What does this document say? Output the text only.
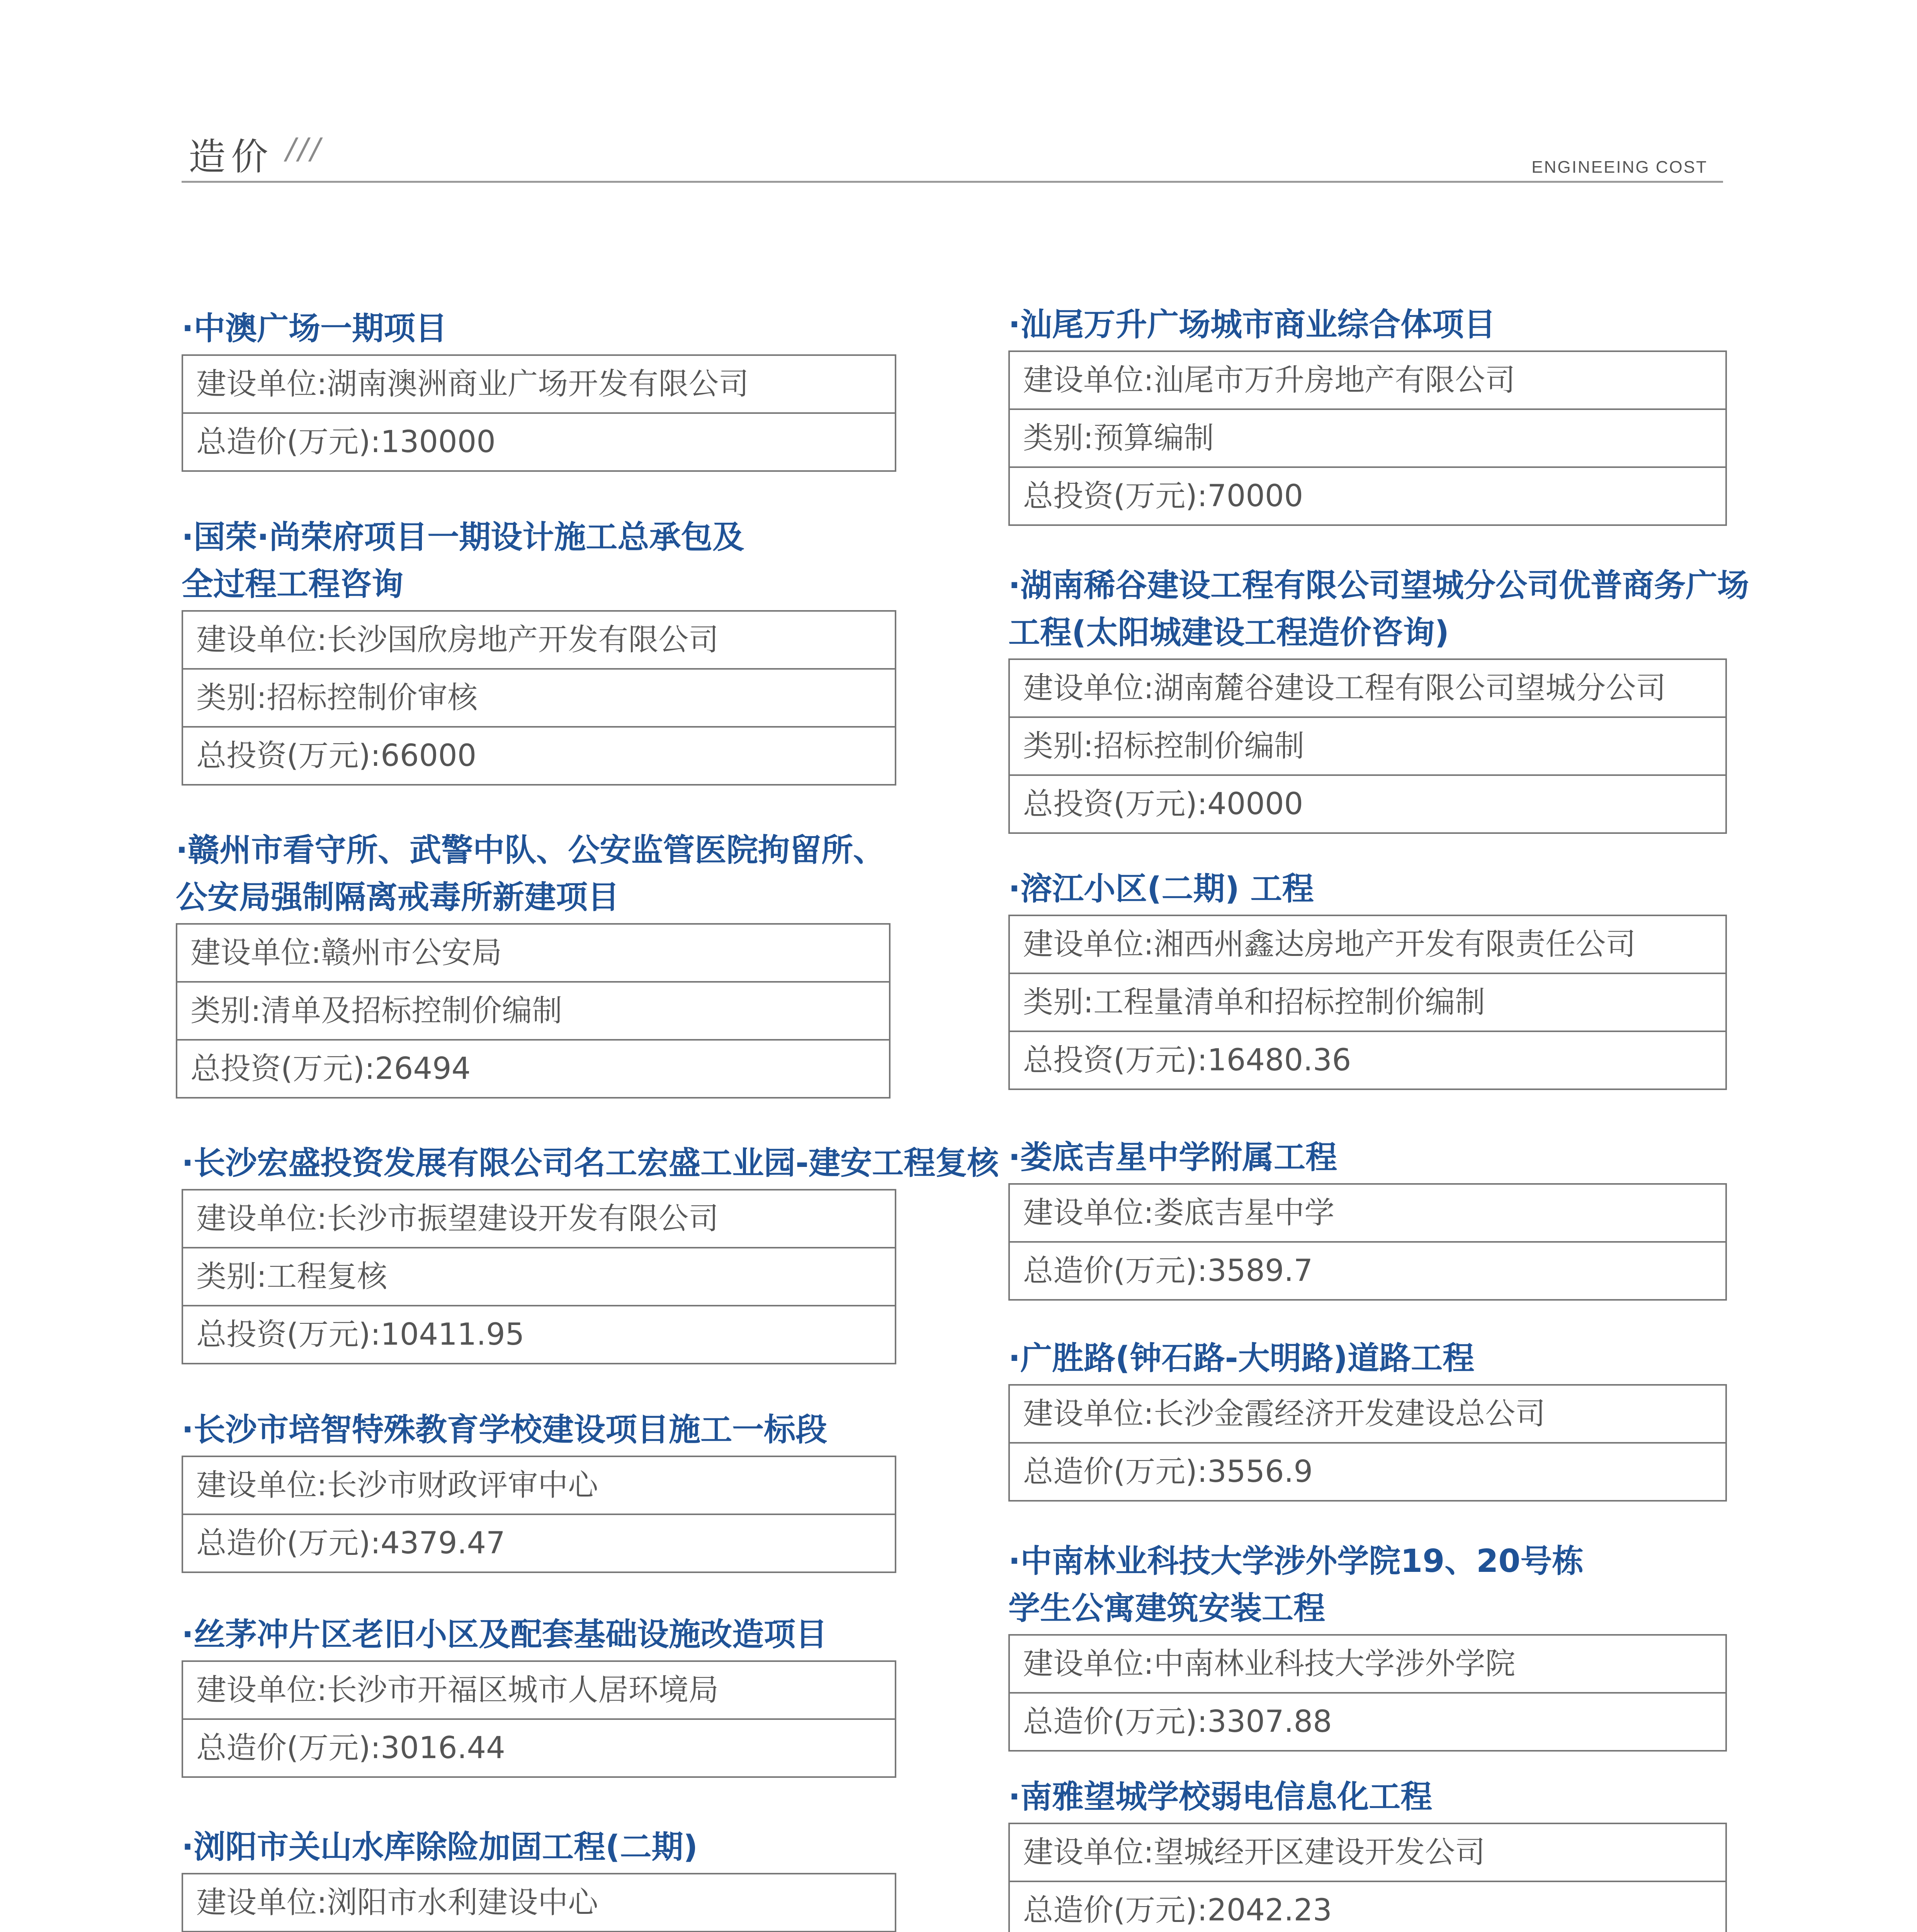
造价 ///
ENGINEEING COST
·中澳广场一期项目
建设单位:湖南澳洲商业广场开发有限公司
总造价(万元):130000
·国荣·尚荣府项目一期设计施工总承包及
全过程工程咨询
建设单位:长沙国欣房地产开发有限公司
类别:招标控制价审核
总投资(万元):66000
·赣州市看守所、武警中队、公安监管医院拘留所、
公安局强制隔离戒毒所新建项目
建设单位:赣州市公安局
类别:清单及招标控制价编制
总投资(万元):26494
·长沙宏盛投资发展有限公司名工宏盛工业园-建安工程复核
建设单位:长沙市振望建设开发有限公司
类别:工程复核
总投资(万元):10411.95
·长沙市培智特殊教育学校建设项目施工一标段
建设单位:长沙市财政评审中心
总造价(万元):4379.47
·丝茅冲片区老旧小区及配套基础设施改造项目
建设单位:长沙市开福区城市人居环境局
总造价(万元):3016.44
·浏阳市关山水库除险加固工程(二期)
建设单位:浏阳市水利建设中心
·汕尾万升广场城市商业综合体项目
建设单位:汕尾市万升房地产有限公司
类别:预算编制
总投资(万元):70000
·湖南稀谷建设工程有限公司望城分公司优普商务广场
工程(太阳城建设工程造价咨询)
建设单位:湖南麓谷建设工程有限公司望城分公司
类别:招标控制价编制
总投资(万元):40000
·溶江小区(二期) 工程
建设单位:湘西州鑫达房地产开发有限责任公司
类别:工程量清单和招标控制价编制
总投资(万元):16480.36
·娄底吉星中学附属工程
建设单位:娄底吉星中学
总造价(万元):3589.7
·广胜路(钟石路-大明路)道路工程
建设单位:长沙金霞经济开发建设总公司
总造价(万元):3556.9
·中南林业科技大学涉外学院19、20号栋
学生公寓建筑安装工程
建设单位:中南林业科技大学涉外学院
总造价(万元):3307.88
·南雅望城学校弱电信息化工程
建设单位:望城经开区建设开发公司
总造价(万元):2042.23
